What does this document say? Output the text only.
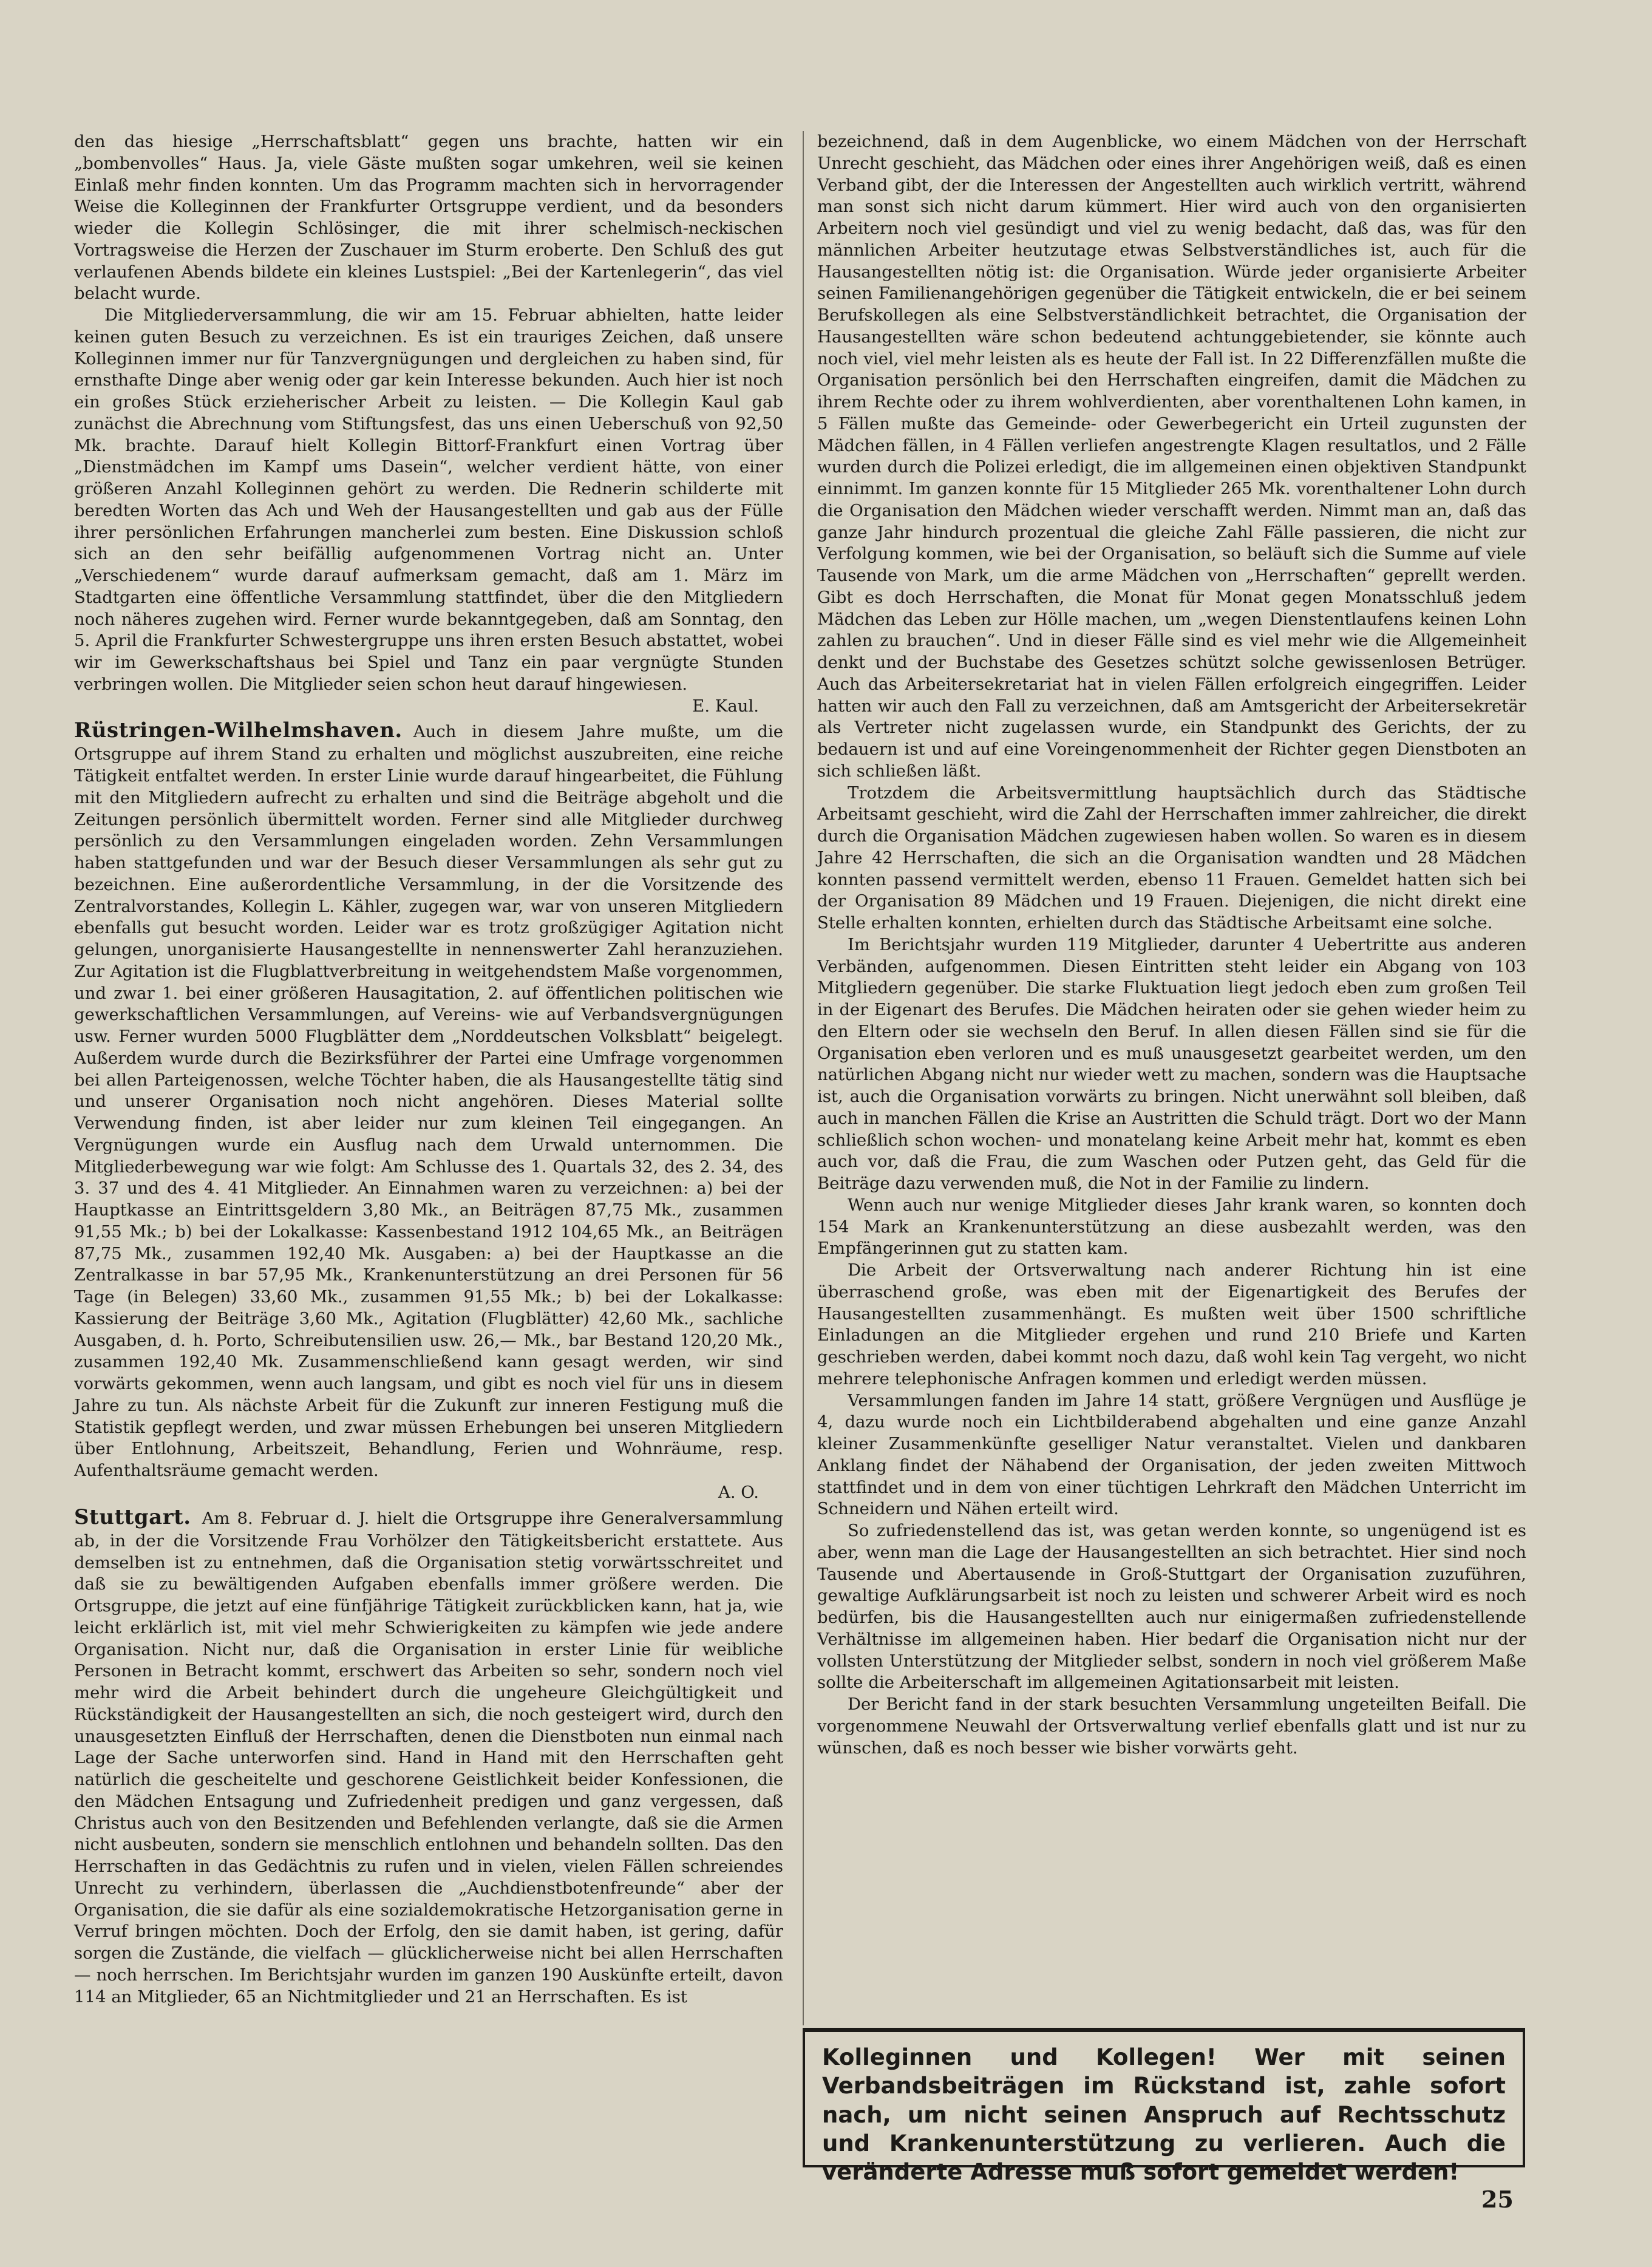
den das hiesige „Herrschaftsblatt“ gegen uns brachte, hatten wir ein „bombenvolles“ Haus. Ja, viele Gäste mußten sogar umkehren, weil sie keinen Einlaß mehr finden konnten. Um das Programm machten sich in hervorragender Weise die Kolleginnen der Frankfurter Ortsgruppe verdient, und da besonders wieder die Kollegin Schlösinger, die mit ihrer schelmisch-neckischen Vortragsweise die Herzen der Zuschauer im Sturm eroberte. Den Schluß des gut verlaufenen Abends bildete ein kleines Lustspiel: „Bei der Kartenlegerin“, das viel belacht wurde.

Die Mitgliederversammlung, die wir am 15. Februar abhielten, hatte leider keinen guten Besuch zu verzeichnen. Es ist ein trauriges Zeichen, daß unsere Kolleginnen immer nur für Tanzvergnügungen und dergleichen zu haben sind, für ernsthafte Dinge aber wenig oder gar kein Interesse bekunden. Auch hier ist noch ein großes Stück erzieherischer Arbeit zu leisten. — Die Kollegin Kaul gab zunächst die Abrechnung vom Stiftungsfest, das uns einen Ueberschuß von 92,50 Mk. brachte. Darauf hielt Kollegin Bittorf-Frankfurt einen Vortrag über „Dienstmädchen im Kampf ums Dasein“, welcher verdient hätte, von einer größeren Anzahl Kolleginnen gehört zu werden. Die Rednerin schilderte mit beredten Worten das Ach und Weh der Hausangestellten und gab aus der Fülle ihrer persönlichen Erfahrungen mancherlei zum besten. Eine Diskussion schloß sich an den sehr beifällig aufgenommenen Vortrag nicht an. Unter „Verschiedenem“ wurde darauf aufmerksam gemacht, daß am 1. März im Stadtgarten eine öffentliche Versammlung stattfindet, über die den Mitgliedern noch näheres zugehen wird. Ferner wurde bekanntgegeben, daß am Sonntag, den 5. April die Frankfurter Schwestergruppe uns ihren ersten Besuch abstattet, wobei wir im Gewerkschaftshaus bei Spiel und Tanz ein paar vergnügte Stunden verbringen wollen. Die Mitglieder seien schon heut darauf hingewiesen.

E. Kaul.

Rüstringen-Wilhelmshaven. Auch in diesem Jahre mußte, um die Ortsgruppe auf ihrem Stand zu erhalten und möglichst auszubreiten, eine reiche Tätigkeit entfaltet werden. In erster Linie wurde darauf hingearbeitet, die Fühlung mit den Mitgliedern aufrecht zu erhalten und sind die Beiträge abgeholt und die Zeitungen persönlich übermittelt worden. Ferner sind alle Mitglieder durchweg persönlich zu den Versammlungen eingeladen worden. Zehn Versammlungen haben stattgefunden und war der Besuch dieser Versammlungen als sehr gut zu bezeichnen. Eine außerordentliche Versammlung, in der die Vorsitzende des Zentralvorstandes, Kollegin L. Kähler, zugegen war, war von unseren Mitgliedern ebenfalls gut besucht worden. Leider war es trotz großzügiger Agitation nicht gelungen, unorganisierte Hausangestellte in nennenswerter Zahl heranzuziehen. Zur Agitation ist die Flugblattverbreitung in weitgehendstem Maße vorgenommen, und zwar 1. bei einer größeren Hausagitation, 2. auf öffentlichen politischen wie gewerkschaftlichen Versammlungen, auf Vereins- wie auf Verbandsvergnügungen usw. Ferner wurden 5000 Flugblätter dem „Norddeutschen Volksblatt“ beigelegt. Außerdem wurde durch die Bezirksführer der Partei eine Umfrage vorgenommen bei allen Parteigenossen, welche Töchter haben, die als Hausangestellte tätig sind und unserer Organisation noch nicht angehören. Dieses Material sollte Verwendung finden, ist aber leider nur zum kleinen Teil eingegangen. An Vergnügungen wurde ein Ausflug nach dem Urwald unternommen. Die Mitgliederbewegung war wie folgt: Am Schlusse des 1. Quartals 32, des 2. 34, des 3. 37 und des 4. 41 Mitglieder. An Einnahmen waren zu verzeichnen: a) bei der Hauptkasse an Eintrittsgeldern 3,80 Mk., an Beiträgen 87,75 Mk., zusammen 91,55 Mk.; b) bei der Lokalkasse: Kassenbestand 1912 104,65 Mk., an Beiträgen 87,75 Mk., zusammen 192,40 Mk. Ausgaben: a) bei der Hauptkasse an die Zentralkasse in bar 57,95 Mk., Krankenunterstützung an drei Personen für 56 Tage (in Belegen) 33,60 Mk., zusammen 91,55 Mk.; b) bei der Lokalkasse: Kassierung der Beiträge 3,60 Mk., Agitation (Flugblätter) 42,60 Mk., sachliche Ausgaben, d. h. Porto, Schreibutensilien usw. 26,— Mk., bar Bestand 120,20 Mk., zusammen 192,40 Mk. Zusammenschließend kann gesagt werden, wir sind vorwärts gekommen, wenn auch langsam, und gibt es noch viel für uns in diesem Jahre zu tun. Als nächste Arbeit für die Zukunft zur inneren Festigung muß die Statistik gepflegt werden, und zwar müssen Erhebungen bei unseren Mitgliedern über Entlohnung, Arbeitszeit, Behandlung, Ferien und Wohnräume, resp. Aufenthaltsräume gemacht werden.

A. O.

Stuttgart. Am 8. Februar d. J. hielt die Ortsgruppe ihre Generalversammlung ab, in der die Vorsitzende Frau Vorhölzer den Tätigkeitsbericht erstattete. Aus demselben ist zu entnehmen, daß die Organisation stetig vorwärtsschreitet und daß sie zu bewältigenden Aufgaben ebenfalls immer größere werden. Die Ortsgruppe, die jetzt auf eine fünfjährige Tätigkeit zurückblicken kann, hat ja, wie leicht erklärlich ist, mit viel mehr Schwierigkeiten zu kämpfen wie jede andere Organisation. Nicht nur, daß die Organisation in erster Linie für weibliche Personen in Betracht kommt, erschwert das Arbeiten so sehr, sondern noch viel mehr wird die Arbeit behindert durch die ungeheure Gleichgültigkeit und Rückständigkeit der Hausangestellten an sich, die noch gesteigert wird, durch den unausgesetzten Einfluß der Herrschaften, denen die Dienstboten nun einmal nach Lage der Sache unterworfen sind. Hand in Hand mit den Herrschaften geht natürlich die gescheitelte und geschorene Geistlichkeit beider Konfessionen, die den Mädchen Entsagung und Zufriedenheit predigen und ganz vergessen, daß Christus auch von den Besitzenden und Befehlenden verlangte, daß sie die Armen nicht ausbeuten, sondern sie menschlich entlohnen und behandeln sollten. Das den Herrschaften in das Gedächtnis zu rufen und in vielen, vielen Fällen schreiendes Unrecht zu verhindern, überlassen die „Auchdienstbotenfreunde“ aber der Organisation, die sie dafür als eine sozialdemokratische Hetzorganisation gerne in Verruf bringen möchten. Doch der Erfolg, den sie damit haben, ist gering, dafür sorgen die Zustände, die vielfach — glücklicherweise nicht bei allen Herrschaften — noch herrschen. Im Berichtsjahr wurden im ganzen 190 Auskünfte erteilt, davon 114 an Mitglieder, 65 an Nichtmitglieder und 21 an Herrschaften. Es ist

bezeichnend, daß in dem Augenblicke, wo einem Mädchen von der Herrschaft Unrecht geschieht, das Mädchen oder eines ihrer Angehörigen weiß, daß es einen Verband gibt, der die Interessen der Angestellten auch wirklich vertritt, während man sonst sich nicht darum kümmert. Hier wird auch von den organisierten Arbeitern noch viel gesündigt und viel zu wenig bedacht, daß das, was für den männlichen Arbeiter heutzutage etwas Selbstverständliches ist, auch für die Hausangestellten nötig ist: die Organisation. Würde jeder organisierte Arbeiter seinen Familienangehörigen gegenüber die Tätigkeit entwickeln, die er bei seinem Berufskollegen als eine Selbstverständlichkeit betrachtet, die Organisation der Hausangestellten wäre schon bedeutend achtunggebietender, sie könnte auch noch viel, viel mehr leisten als es heute der Fall ist. In 22 Differenzfällen mußte die Organisation persönlich bei den Herrschaften eingreifen, damit die Mädchen zu ihrem Rechte oder zu ihrem wohlverdienten, aber vorenthaltenen Lohn kamen, in 5 Fällen mußte das Gemeinde- oder Gewerbegericht ein Urteil zugunsten der Mädchen fällen, in 4 Fällen verliefen angestrengte Klagen resultatlos, und 2 Fälle wurden durch die Polizei erledigt, die im allgemeinen einen objektiven Standpunkt einnimmt. Im ganzen konnte für 15 Mitglieder 265 Mk. vorenthaltener Lohn durch die Organisation den Mädchen wieder verschafft werden. Nimmt man an, daß das ganze Jahr hindurch prozentual die gleiche Zahl Fälle passieren, die nicht zur Verfolgung kommen, wie bei der Organisation, so beläuft sich die Summe auf viele Tausende von Mark, um die arme Mädchen von „Herrschaften“ geprellt werden. Gibt es doch Herrschaften, die Monat für Monat gegen Monatsschluß jedem Mädchen das Leben zur Hölle machen, um „wegen Dienstentlaufens keinen Lohn zahlen zu brauchen“. Und in dieser Fälle sind es viel mehr wie die Allgemeinheit denkt und der Buchstabe des Gesetzes schützt solche gewissenlosen Betrüger. Auch das Arbeitersekretariat hat in vielen Fällen erfolgreich eingegriffen. Leider hatten wir auch den Fall zu verzeichnen, daß am Amtsgericht der Arbeitersekretär als Vertreter nicht zugelassen wurde, ein Standpunkt des Gerichts, der zu bedauern ist und auf eine Voreingenommenheit der Richter gegen Dienstboten an sich schließen läßt.

Trotzdem die Arbeitsvermittlung hauptsächlich durch das Städtische Arbeitsamt geschieht, wird die Zahl der Herrschaften immer zahlreicher, die direkt durch die Organisation Mädchen zugewiesen haben wollen. So waren es in diesem Jahre 42 Herrschaften, die sich an die Organisation wandten und 28 Mädchen konnten passend vermittelt werden, ebenso 11 Frauen. Gemeldet hatten sich bei der Organisation 89 Mädchen und 19 Frauen. Diejenigen, die nicht direkt eine Stelle erhalten konnten, erhielten durch das Städtische Arbeitsamt eine solche.

Im Berichtsjahr wurden 119 Mitglieder, darunter 4 Uebertritte aus anderen Verbänden, aufgenommen. Diesen Eintritten steht leider ein Abgang von 103 Mitgliedern gegenüber. Die starke Fluktuation liegt jedoch eben zum großen Teil in der Eigenart des Berufes. Die Mädchen heiraten oder sie gehen wieder heim zu den Eltern oder sie wechseln den Beruf. In allen diesen Fällen sind sie für die Organisation eben verloren und es muß unausgesetzt gearbeitet werden, um den natürlichen Abgang nicht nur wieder wett zu machen, sondern was die Hauptsache ist, auch die Organisation vorwärts zu bringen. Nicht unerwähnt soll bleiben, daß auch in manchen Fällen die Krise an Austritten die Schuld trägt. Dort wo der Mann schließlich schon wochen- und monatelang keine Arbeit mehr hat, kommt es eben auch vor, daß die Frau, die zum Waschen oder Putzen geht, das Geld für die Beiträge dazu verwenden muß, die Not in der Familie zu lindern.

Wenn auch nur wenige Mitglieder dieses Jahr krank waren, so konnten doch 154 Mark an Krankenunterstützung an diese ausbezahlt werden, was den Empfängerinnen gut zu statten kam.

Die Arbeit der Ortsverwaltung nach anderer Richtung hin ist eine überraschend große, was eben mit der Eigenartigkeit des Berufes der Hausangestellten zusammenhängt. Es mußten weit über 1500 schriftliche Einladungen an die Mitglieder ergehen und rund 210 Briefe und Karten geschrieben werden, dabei kommt noch dazu, daß wohl kein Tag vergeht, wo nicht mehrere telephonische Anfragen kommen und erledigt werden müssen.

Versammlungen fanden im Jahre 14 statt, größere Vergnügen und Ausflüge je 4, dazu wurde noch ein Lichtbilderabend abgehalten und eine ganze Anzahl kleiner Zusammenkünfte geselliger Natur veranstaltet. Vielen und dankbaren Anklang findet der Nähabend der Organisation, der jeden zweiten Mittwoch stattfindet und in dem von einer tüchtigen Lehrkraft den Mädchen Unterricht im Schneidern und Nähen erteilt wird.

So zufriedenstellend das ist, was getan werden konnte, so ungenügend ist es aber, wenn man die Lage der Hausangestellten an sich betrachtet. Hier sind noch Tausende und Abertausende in Groß-Stuttgart der Organisation zuzuführen, gewaltige Aufklärungsarbeit ist noch zu leisten und schwerer Arbeit wird es noch bedürfen, bis die Hausangestellten auch nur einigermaßen zufriedenstellende Verhältnisse im allgemeinen haben. Hier bedarf die Organisation nicht nur der vollsten Unterstützung der Mitglieder selbst, sondern in noch viel größerem Maße sollte die Arbeiterschaft im allgemeinen Agitationsarbeit mit leisten.

Der Bericht fand in der stark besuchten Versammlung ungeteilten Beifall. Die vorgenommene Neuwahl der Ortsverwaltung verlief ebenfalls glatt und ist nur zu wünschen, daß es noch besser wie bisher vorwärts geht.

Kolleginnen und Kollegen! Wer mit seinen Verbandsbeiträgen im Rückstand ist, zahle sofort nach, um nicht seinen Anspruch auf Rechtsschutz und Krankenunterstützung zu verlieren. Auch die veränderte Adresse muß sofort gemeldet werden!
25
